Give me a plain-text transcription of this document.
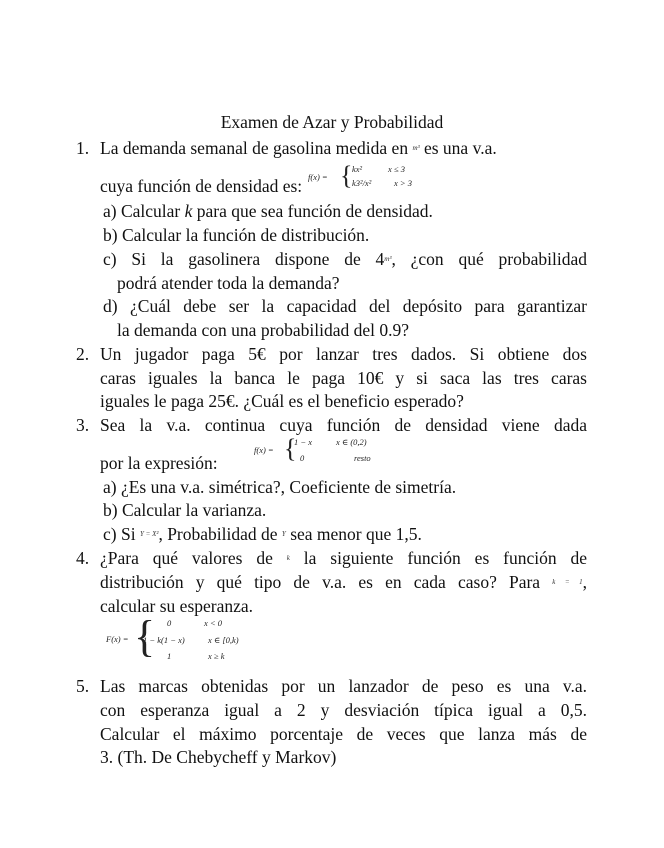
Examen de Azar y Probabilidad
1. La demanda semanal de gasolina medida en $^{m^3}$ es una v.a.
cuya función de densidad es: f(x) = { kx²	x ≤ 3
k3²/x²	x > 3
a) Calcular k para que sea función de densidad.
b) Calcular la función de distribución.
c) Si la gasolinera dispone de $4^{m^3}$, ¿con qué probabilidad
podrá atender toda la demanda?
d) ¿Cuál debe ser la capacidad del depósito para garantizar
la demanda con una probabilidad del 0.9?
2. Un jugador paga 5€ por lanzar tres dados. Si obtiene dos
caras iguales la banca le paga 10€ y si saca las tres caras
iguales le paga 25€. ¿Cuál es el beneficio esperado?
3. Sea la v.a. continua cuya función de densidad viene dada
por la expresión:
f(x) = {
1 − x	x ∈ (0,2)
0	resto
a) ¿Es una v.a. simétrica?, Coeficiente de simetría.
b) Calcular la varianza.
c) Si $^{Y = X^2}$, Probabilidad de $^Y$ sea menor que 1,5.
4. ¿Para qué valores de $^k$ la siguiente función es función de
distribución y qué tipo de v.a. es en cada caso? Para $^{k = 1}$,
calcular su esperanza.
F(x) = { 0	x < 0
1 − k(1 − x)	x ∈ [0,k)
1	x ≥ k
5. Las marcas obtenidas por un lanzador de peso es una v.a.
con esperanza igual a 2 y desviación típica igual a 0,5.
Calcular el máximo porcentaje de veces que lanza más de
3. (Th. De Chebycheff y Markov)
